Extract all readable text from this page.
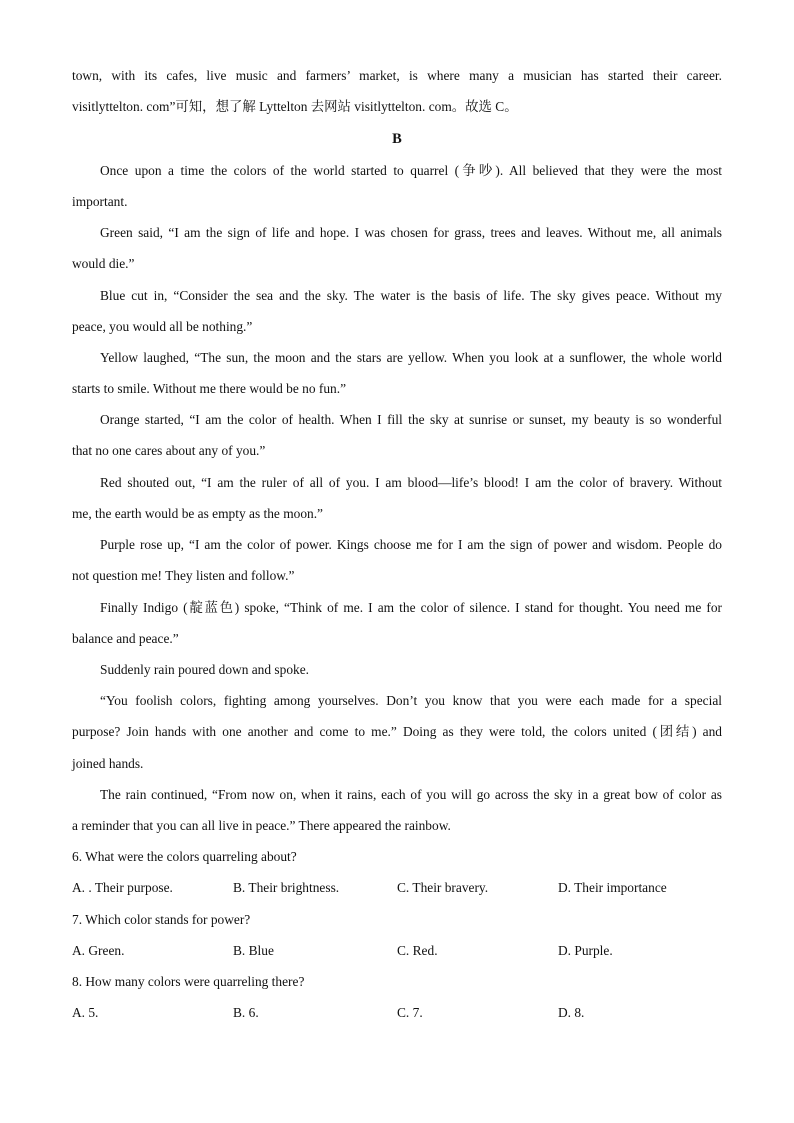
town, with its cafes, live music and farmers’ market, is where many a musician has started their career.
visitlyttelton. com”可知，想了解 Lyttelton 去网站 visitlyttelton. com。故选 C。
B
Once upon a time the colors of the world started to quarrel (争吵). All believed that they were the most
important.
Green said, “I am the sign of life and hope. I was chosen for grass, trees and leaves. Without me, all animals
would die.”
Blue cut in, “Consider the sea and the sky. The water is the basis of life. The sky gives peace. Without my
peace, you would all be nothing.”
Yellow laughed, “The sun, the moon and the stars are yellow. When you look at a sunflower, the whole world
starts to smile. Without me there would be no fun.”
Orange started, “I am the color of health. When I fill the sky at sunrise or sunset, my beauty is so wonderful
that no one cares about any of you.”
Red shouted out, “I am the ruler of all of you. I am blood—life’s blood! I am the color of bravery. Without
me, the earth would be as empty as the moon.”
Purple rose up, “I am the color of power. Kings choose me for I am the sign of power and wisdom. People do
not question me! They listen and follow.”
Finally Indigo (靛蓝色) spoke, “Think of me. I am the color of silence. I stand for thought. You need me for
balance and peace.”
Suddenly rain poured down and spoke.
“You foolish colors, fighting among yourselves. Don’t you know that you were each made for a special
purpose? Join hands with one another and come to me.” Doing as they were told, the colors united (团结) and
joined hands.
The rain continued, “From now on, when it rains, each of you will go across the sky in a great bow of color as
a reminder that you can all live in peace.” There appeared the rainbow.
6. What were the colors quarreling about?
A. . Their purpose.	B. Their brightness.	C. Their bravery.	D. Their importance
7. Which color stands for power?
A. Green.	B. Blue	C. Red.	D. Purple.
8. How many colors were quarreling there?
A. 5.	B. 6.	C. 7.	D. 8.
